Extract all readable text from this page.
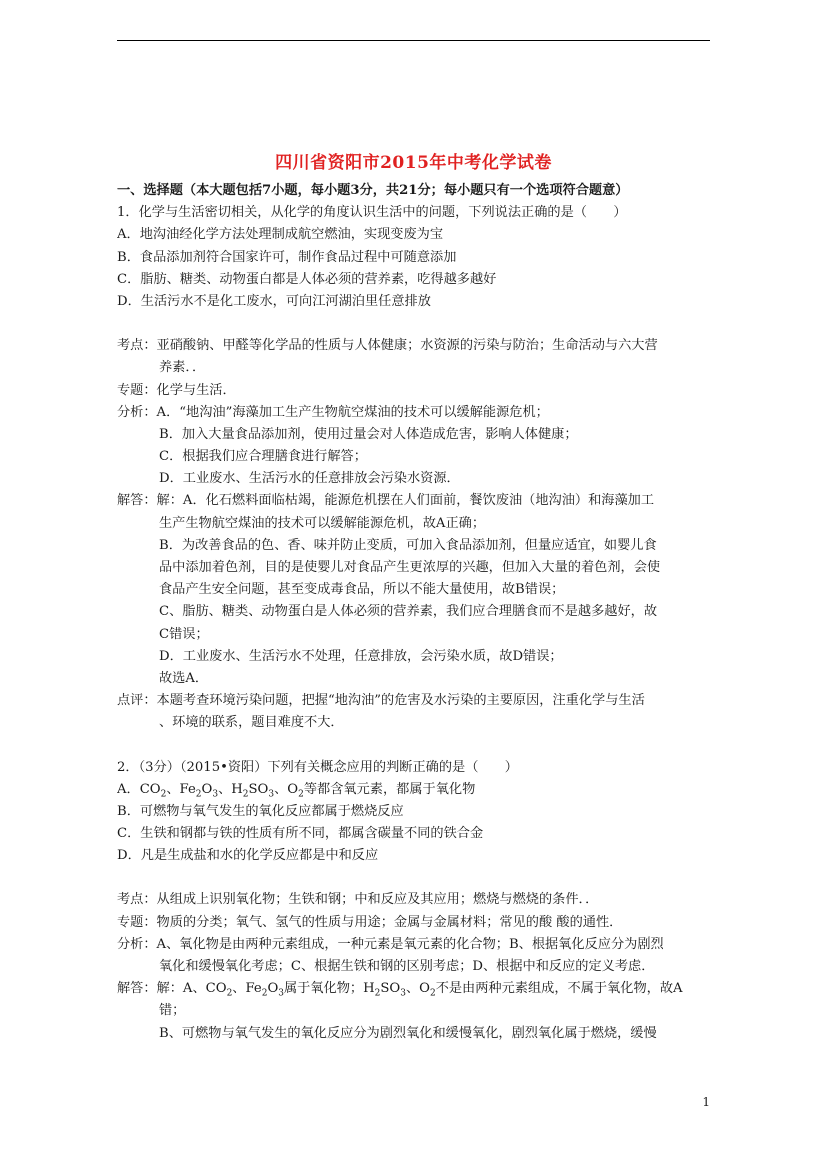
四川省资阳市2015年中考化学试卷
一、选择题（本大题包括7小题，每小题3分，共21分；每小题只有一个选项符合题意）
1．化学与生活密切相关，从化学的角度认识生活中的问题，下列说法正确的是（　　）
A．地沟油经化学方法处理制成航空燃油，实现变废为宝
B．食品添加剂符合国家许可，制作食品过程中可随意添加
C．脂肪、糖类、动物蛋白都是人体必须的营养素，吃得越多越好
D．生活污水不是化工废水，可向江河湖泊里任意排放
考点：亚硝酸钠、甲醛等化学品的性质与人体健康；水资源的污染与防治；生命活动与六大营
养素．．
专题：化学与生活．
分析：A．“地沟油”海藻加工生产生物航空煤油的技术可以缓解能源危机；
B．加入大量食品添加剂，使用过量会对人体造成危害，影响人体健康；
C．根据我们应合理膳食进行解答；
D．工业废水、生活污水的任意排放会污染水资源．
解答：解：A．化石燃料面临枯竭，能源危机摆在人们面前，餐饮废油（地沟油）和海藻加工
生产生物航空煤油的技术可以缓解能源危机，故A正确；
B．为改善食品的色、香、味并防止变质，可加入食品添加剂，但量应适宜，如婴儿食
品中添加着色剂，目的是使婴儿对食品产生更浓厚的兴趣，但加入大量的着色剂，会使
食品产生安全问题，甚至变成毒食品，所以不能大量使用，故B错误；
C、脂肪、糖类、动物蛋白是人体必须的营养素，我们应合理膳食而不是越多越好，故
C错误；
D．工业废水、生活污水不处理，任意排放，会污染水质，故D错误；
故选A．
点评：本题考查环境污染问题，把握“地沟油”的危害及水污染的主要原因，注重化学与生活
、环境的联系，题目难度不大．
2．（3分）（2015•资阳）下列有关概念应用的判断正确的是（　　）
A．$CO_2$、$Fe_2O_3$、$H_2SO_3$、$O_2$等都含氧元素，都属于氧化物
B．可燃物与氧气发生的氧化反应都属于燃烧反应
C．生铁和钢都与铁的性质有所不同，都属含碳量不同的铁合金
D．凡是生成盐和水的化学反应都是中和反应
考点：从组成上识别氧化物；生铁和钢；中和反应及其应用；燃烧与燃烧的条件．．
专题：物质的分类；氧气、氢气的性质与用途；金属与金属材料；常见的酸 酸的通性．
分析：A、氧化物是由两种元素组成，一种元素是氧元素的化合物；B、根据氧化反应分为剧烈
氧化和缓慢氧化考虑；C、根据生铁和钢的区别考虑；D、根据中和反应的定义考虑．
解答：解：A、$CO_2$、$Fe_2O_3$属于氧化物；$H_2SO_3$、$O_2$不是由两种元素组成，不属于氧化物，故A
错；
B、可燃物与氧气发生的氧化反应分为剧烈氧化和缓慢氧化，剧烈氧化属于燃烧，缓慢
1
